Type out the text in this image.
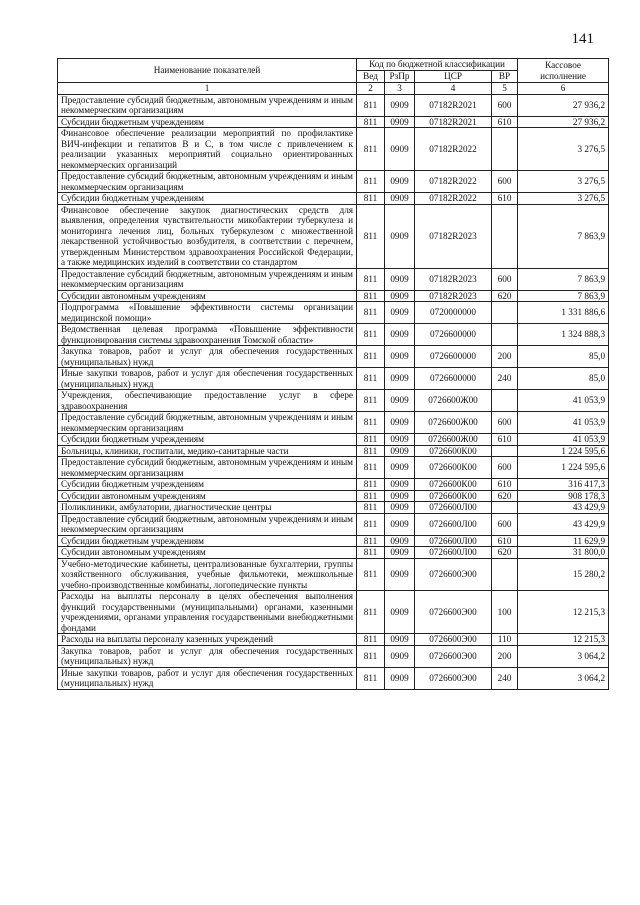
141
Наименование показателей	Код по бюджетной классификации				Кассовое исполнение
	Вед	РзПр	ЦСР	ВР	
1	2	3	4	5	6
Предоставление субсидий бюджетным, автономным учреждениям и иным некоммерческим организациям	811	0909	07182R2021	600	27 936,2
Субсидии бюджетным учреждениям	811	0909	07182R2021	610	27 936,2
Финансовое обеспечение реализации мероприятий по профилактике ВИЧ-инфекции и гепатитов B и C, в том числе с привлечением к реализации указанных мероприятий социально ориентированных некоммерческих организаций	811	0909	07182R2022		3 276,5
Предоставление субсидий бюджетным, автономным учреждениям и иным некоммерческим организациям	811	0909	07182R2022	600	3 276,5
Субсидии бюджетным учреждениям	811	0909	07182R2022	610	3 276,5
Финансовое обеспечение закупок диагностических средств для выявления, определения чувствительности микобактерии туберкулеза и мониторинга лечения лиц, больных туберкулезом с множественной лекарственной устойчивостью возбудителя, в соответствии с перечнем, утвержденным Министерством здравоохранения Российской Федерации, а также медицинских изделий в соответствии со стандартом	811	0909	07182R2023		7 863,9
Предоставление субсидий бюджетным, автономным учреждениям и иным некоммерческим организациям	811	0909	07182R2023	600	7 863,9
Субсидии автономным учреждениям	811	0909	07182R2023	620	7 863,9
Подпрограмма «Повышение эффективности системы организации медицинской помощи»	811	0909	0720000000		1 331 886,6
Ведомственная целевая программа «Повышение эффективности функционирования системы здравоохранения Томской области»	811	0909	0726600000		1 324 888,3
Закупка товаров, работ и услуг для обеспечения государственных (муниципальных) нужд	811	0909	0726600000	200	85,0
Иные закупки товаров, работ и услуг для обеспечения государственных (муниципальных) нужд	811	0909	0726600000	240	85,0
Учреждения, обеспечивающие предоставление услуг в сфере здравоохранения	811	0909	0726600Ж00		41 053,9
Предоставление субсидий бюджетным, автономным учреждениям и иным некоммерческим организациям	811	0909	0726600Ж00	600	41 053,9
Субсидии бюджетным учреждениям	811	0909	0726600Ж00	610	41 053,9
Больницы, клиники, госпитали, медико-санитарные части	811	0909	0726600К00		1 224 595,6
Предоставление субсидий бюджетным, автономным учреждениям и иным некоммерческим организациям	811	0909	0726600К00	600	1 224 595,6
Субсидии бюджетным учреждениям	811	0909	0726600К00	610	316 417,3
Субсидии автономным учреждениям	811	0909	0726600К00	620	908 178,3
Поликлиники, амбулатории, диагностические центры	811	0909	0726600Л00		43 429,9
Предоставление субсидий бюджетным, автономным учреждениям и иным некоммерческим организациям	811	0909	0726600Л00	600	43 429,9
Субсидии бюджетным учреждениям	811	0909	0726600Л00	610	11 629,9
Субсидии автономным учреждениям	811	0909	0726600Л00	620	31 800,0
Учебно-методические кабинеты, централизованные бухгалтерии, группы хозяйственного обслуживания, учебные фильмотеки, межшкольные учебно-производственные комбинаты, логопедические пункты	811	0909	0726600Э00		15 280,2
Расходы на выплаты персоналу в целях обеспечения выполнения функций государственными (муниципальными) органами, казенными учреждениями, органами управления государственными внебюджетными фондами	811	0909	0726600Э00	100	12 215,3
Расходы на выплаты персоналу казенных учреждений	811	0909	0726600Э00	110	12 215,3
Закупка товаров, работ и услуг для обеспечения государственных (муниципальных) нужд	811	0909	0726600Э00	200	3 064,2
Иные закупки товаров, работ и услуг для обеспечения государственных (муниципальных) нужд	811	0909	0726600Э00	240	3 064,2
